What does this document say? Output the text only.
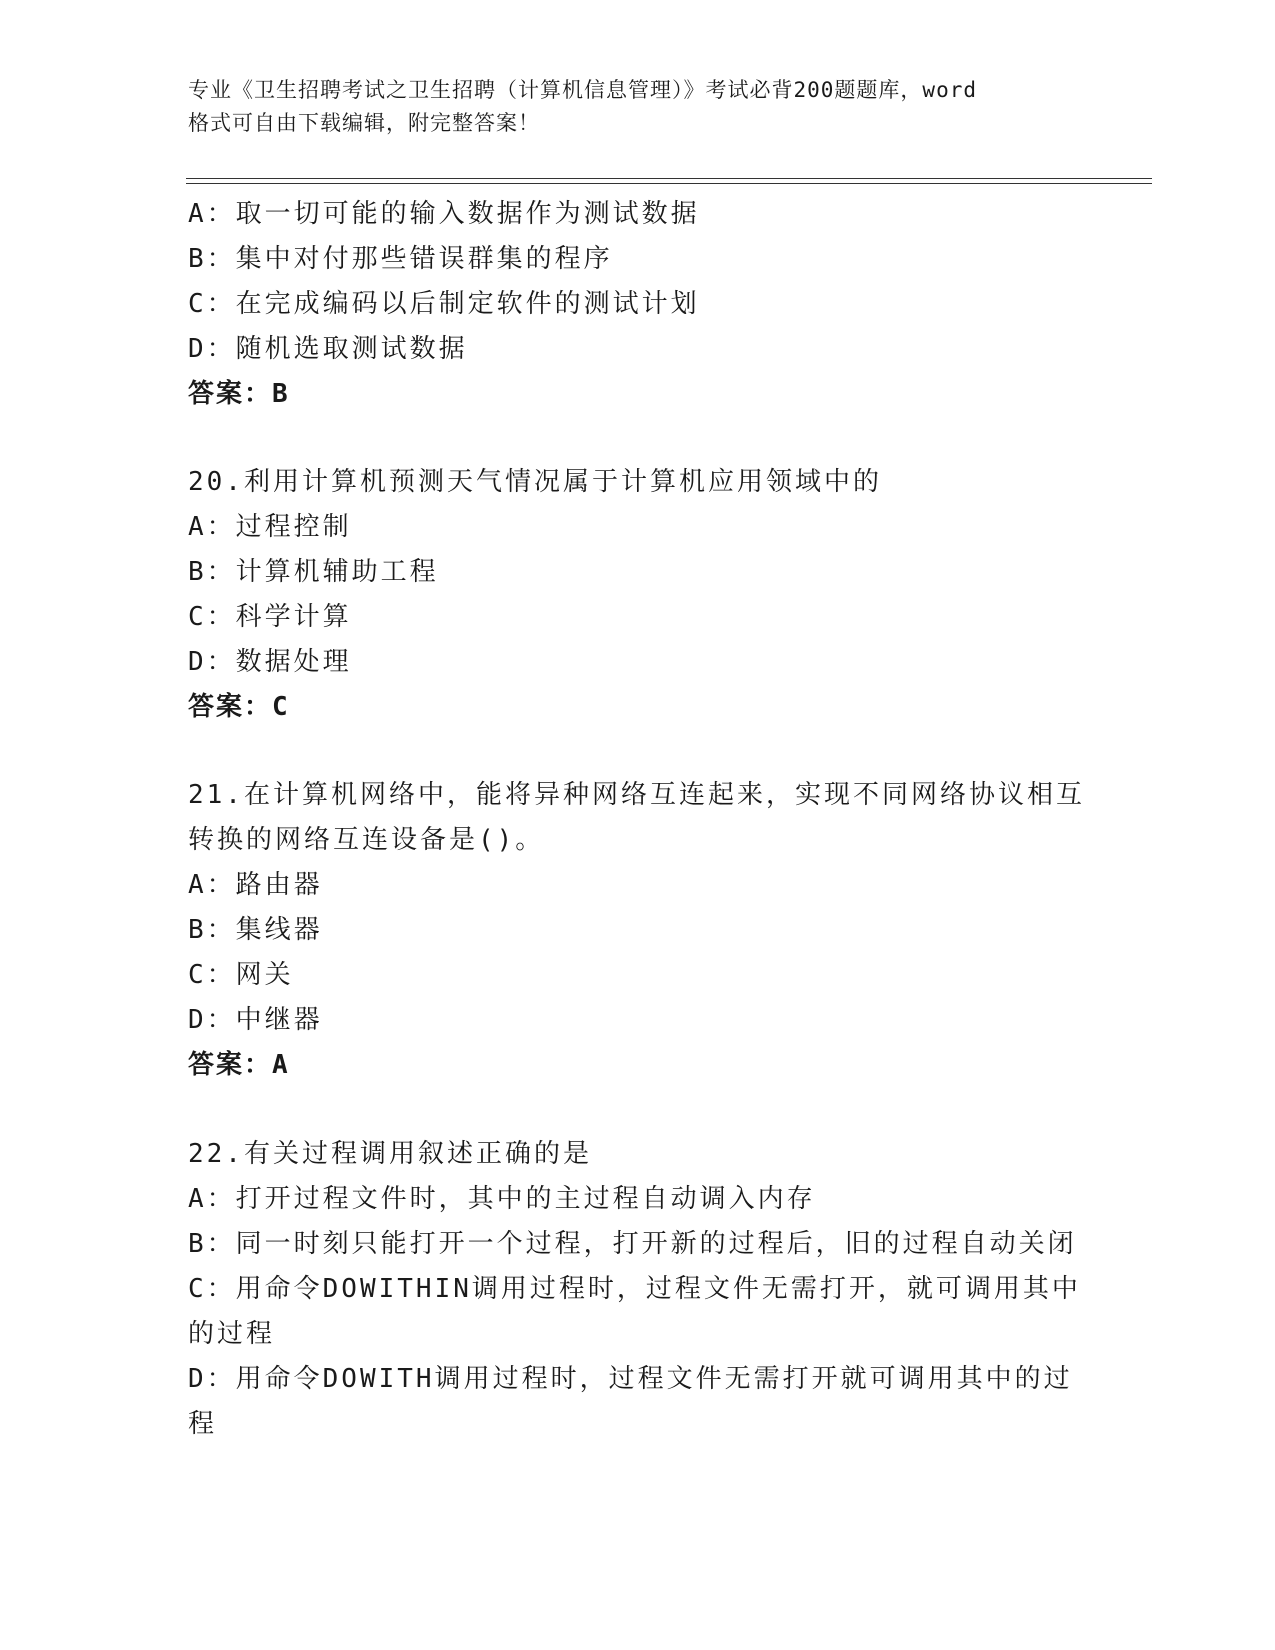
专业《卫生招聘考试之卫生招聘（计算机信息管理）》考试必背200题题库，word
格式可自由下载编辑，附完整答案！
A：取一切可能的输入数据作为测试数据
B：集中对付那些错误群集的程序
C：在完成编码以后制定软件的测试计划
D：随机选取测试数据
答案：B
20.利用计算机预测天气情况属于计算机应用领域中的
A：过程控制
B：计算机辅助工程
C：科学计算
D：数据处理
答案：C
21.在计算机网络中，能将异种网络互连起来，实现不同网络协议相互
转换的网络互连设备是()。
A：路由器
B：集线器
C：网关
D：中继器
答案：A
22.有关过程调用叙述正确的是
A：打开过程文件时，其中的主过程自动调入内存
B：同一时刻只能打开一个过程，打开新的过程后，旧的过程自动关闭
C：用命令DOWITHIN调用过程时，过程文件无需打开，就可调用其中
的过程
D：用命令DOWITH调用过程时，过程文件无需打开就可调用其中的过
程
